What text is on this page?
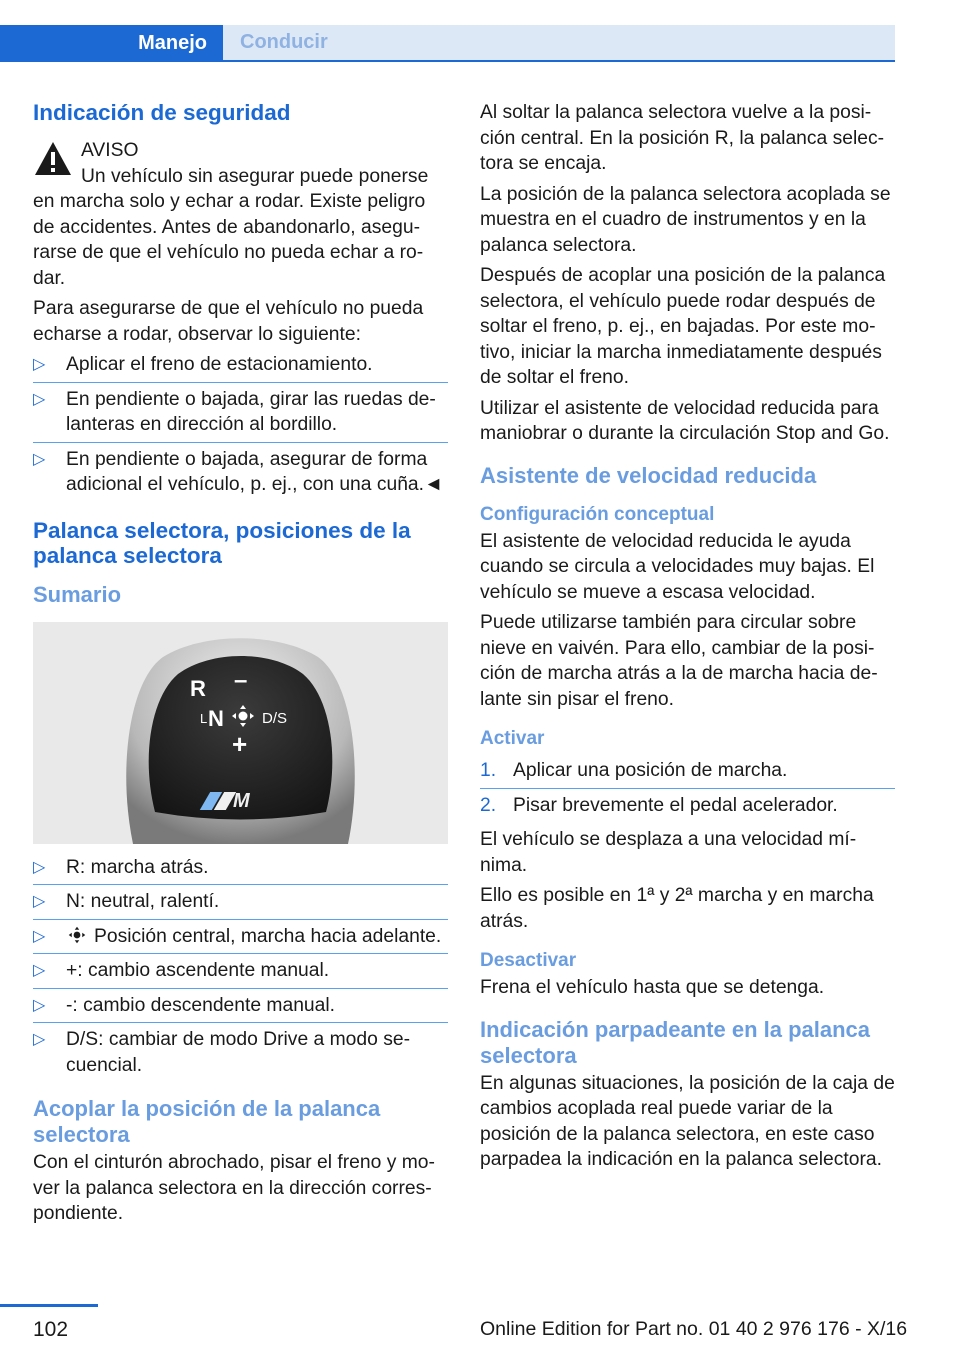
Manejo	Conducir
Indicación de seguridad
AVISO
Un vehículo sin asegurar puede ponerse
en marcha solo y echar a rodar. Existe peligro de accidentes. Antes de abandonarlo, asegurarse de que el vehículo no pueda echar a rodar.

Para asegurarse de que el vehículo no pueda echarse a rodar, observar lo siguiente:

▷ Aplicar el freno de estacionamiento.
▷ En pendiente o bajada, girar las ruedas delanteras en dirección al bordillo.
▷ En pendiente o bajada, asegurar de forma adicional el vehículo, p. ej., con una cuña.◄
Palanca selectora, posiciones de la palanca selectora
Sumario
R –
L N	D/S
+
M
▷ R: marcha atrás.
▷ N: neutral, ralentí.
▷	Posición central, marcha hacia adelante.
▷ +: cambio ascendente manual.
▷ -: cambio descendente manual.
▷ D/S: cambiar de modo Drive a modo secuencial.
Acoplar la posición de la palanca selectora

Con el cinturón abrochado, pisar el freno y mover la palanca selectora en la dirección correspondiente.

Al soltar la palanca selectora vuelve a la posición central. En la posición R, la palanca selectora se encaja.

La posición de la palanca selectora acoplada se muestra en el cuadro de instrumentos y en la palanca selectora.

Después de acoplar una posición de la palanca selectora, el vehículo puede rodar después de soltar el freno, p. ej., en bajadas. Por este motivo, iniciar la marcha inmediatamente después de soltar el freno.

Utilizar el asistente de velocidad reducida para maniobrar o durante la circulación Stop and Go.

Asistente de velocidad reducida
Configuración conceptual

El asistente de velocidad reducida le ayuda cuando se circula a velocidades muy bajas. El vehículo se mueve a escasa velocidad.

Puede utilizarse también para circular sobre nieve en vaivén. Para ello, cambiar de la posición de marcha atrás a la de marcha hacia delante sin pisar el freno.

Activar
1. Aplicar una posición de marcha.
2. Pisar brevemente el pedal acelerador.

El vehículo se desplaza a una velocidad mínima.

Ello es posible en 1ª y 2ª marcha y en marcha atrás.

Desactivar

Frena el vehículo hasta que se detenga.

Indicación parpadeante en la palanca selectora

En algunas situaciones, la posición de la caja de cambios acoplada real puede variar de la posición de la palanca selectora, en este caso parpadea la indicación en la palanca selectora.

102	Online Edition for Part no. 01 40 2 976 176 - X/16
